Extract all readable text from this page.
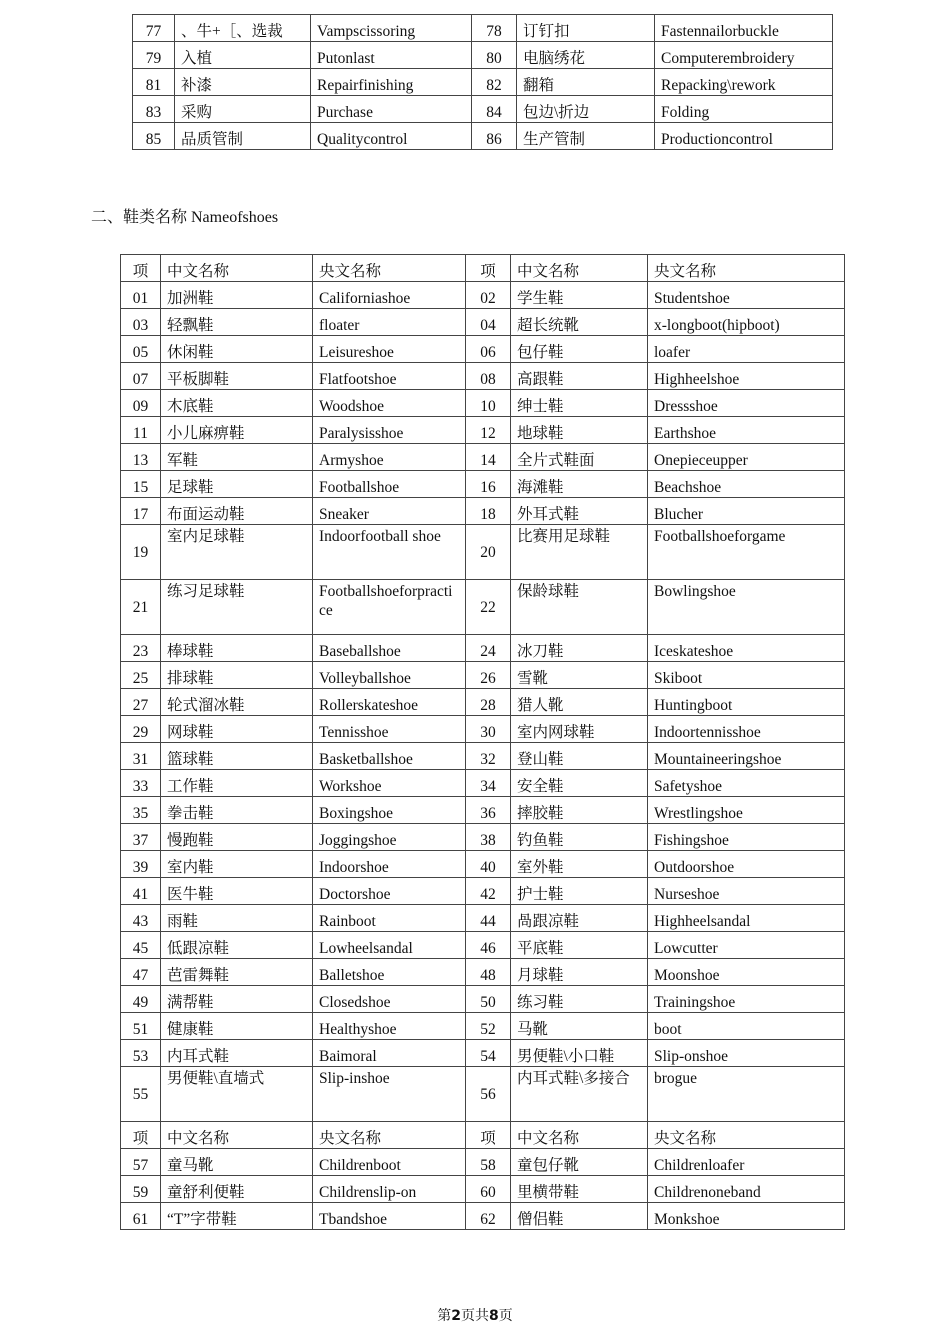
77	、牛+［、选裁	Vampscissoring	78	订钉扣	Fastennailorbuckle
79	入植	Putonlast	80	电脑绣花	Computerembroidery
81	补漆	Repairfinishing	82	翻箱	Repacking\rework
83	采购	Purchase	84	包边\折边	Folding
85	品质管制	Qualitycontrol	86	生产管制	Productioncontrol
二、鞋类名称 Nameofshoes
项	中文名称	央文名称	项	中文名称	央文名称
01	加洲鞋	Californiashoe	02	学生鞋	Studentshoe
03	轻飘鞋	floater	04	超长统靴	x-longboot(hipboot)
05	休闲鞋	Leisureshoe	06	包仔鞋	loafer
07	平板脚鞋	Flatfootshoe	08	高跟鞋	Highheelshoe
09	木底鞋	Woodshoe	10	绅士鞋	Dressshoe
11	小儿麻痹鞋	Paralysisshoe	12	地球鞋	Earthshoe
13	军鞋	Armyshoe	14	全片式鞋面	Onepieceupper
15	足球鞋	Footballshoe	16	海滩鞋	Beachshoe
17	布面运动鞋	Sneaker	18	外耳式鞋	Blucher
19	室内足球鞋	Indoorfootball shoe	20	比赛用足球鞋	Footballshoeforgame
21	练习足球鞋	Footballshoeforpractice	22	保龄球鞋	Bowlingshoe
23	棒球鞋	Baseballshoe	24	冰刀鞋	Iceskateshoe
25	排球鞋	Volleyballshoe	26	雪靴	Skiboot
27	轮式溜冰鞋	Rollerskateshoe	28	猎人靴	Huntingboot
29	网球鞋	Tennisshoe	30	室内网球鞋	Indoortennisshoe
31	篮球鞋	Basketballshoe	32	登山鞋	Mountaineeringshoe
33	工作鞋	Workshoe	34	安全鞋	Safetyshoe
35	拳击鞋	Boxingshoe	36	摔胶鞋	Wrestlingshoe
37	慢跑鞋	Joggingshoe	38	钓鱼鞋	Fishingshoe
39	室内鞋	Indoorshoe	40	室外鞋	Outdoorshoe
41	医牛鞋	Doctorshoe	42	护士鞋	Nurseshoe
43	雨鞋	Rainboot	44	咼跟凉鞋	Highheelsandal
45	低跟凉鞋	Lowheelsandal	46	平底鞋	Lowcutter
47	芭雷舞鞋	Balletshoe	48	月球鞋	Moonshoe
49	满帮鞋	Closedshoe	50	练习鞋	Trainingshoe
51	健康鞋	Healthyshoe	52	马靴	boot
53	内耳式鞋	Baimoral	54	男便鞋\小口鞋	Slip-onshoe
55	男便鞋\直墙式	Slip-inshoe	56	内耳式鞋\多接合	brogue
项	中文名称	央文名称	项	中文名称	央文名称
57	童马靴	Childrenboot	58	童包仔靴	Childrenloafer
59	童舒利便鞋	Childrenslip-on	60	里横带鞋	Childrenoneband
61	“T”字带鞋	Tbandshoe	62	僧侣鞋	Monkshoe
第2页共8页
